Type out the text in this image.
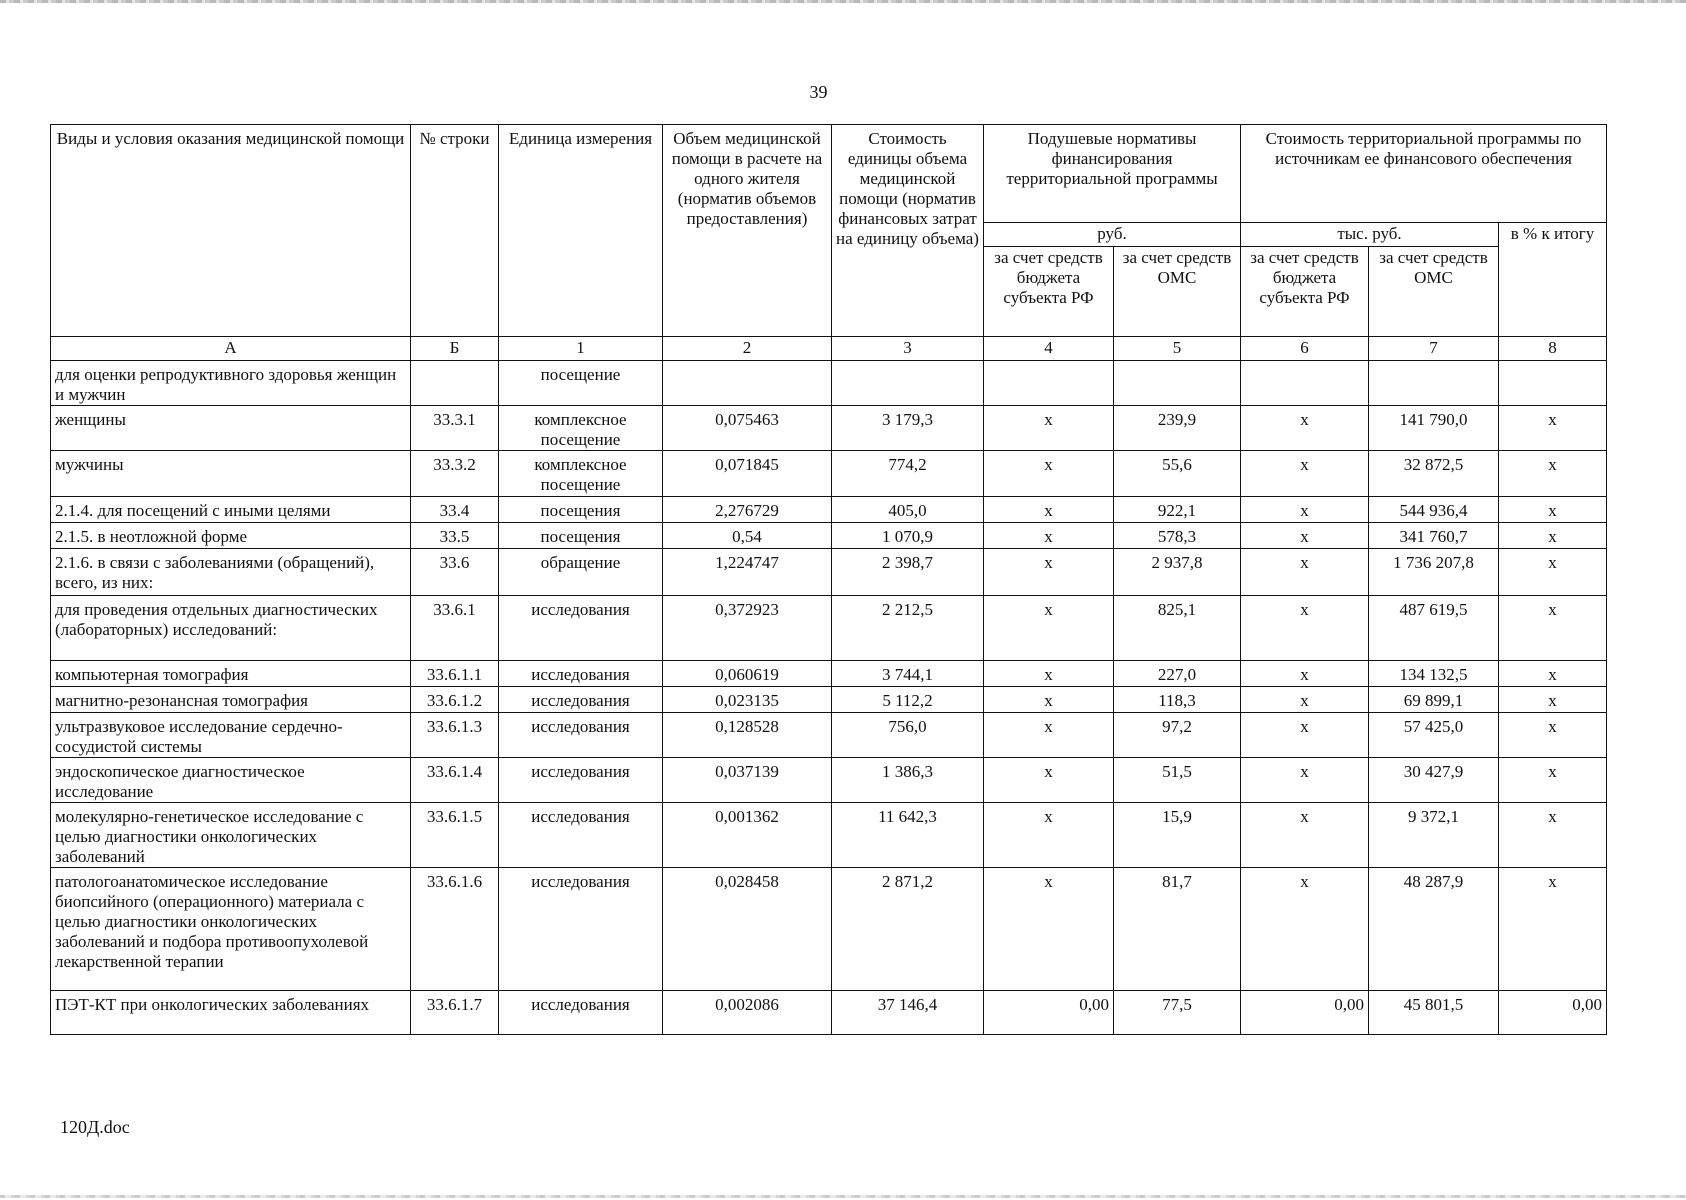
39
Виды и условия оказания медицинской помощи	№ строки	Единица измерения	Объем медицинской помощи в расчете на одного жителя (норматив объемов предоставления)	Стоимость единицы объема медицинской помощи (норматив финансовых затрат на единицу объема)	Подушевые нормативы финансирования территориальной программы		Стоимость территориальной программы по источникам ее финансового обеспечения		
					руб.		тыс. руб.		в % к итогу
					за счет средств бюджета субъекта РФ	за счет средств ОМС	за счет средств бюджета субъекта РФ	за счет средств ОМС	
А	Б	1	2	3	4	5	6	7	8
для оценки репродуктивного здоровья женщин и мужчин		посещение							
женщины	33.3.1	комплексное посещение	0,075463	3 179,3	х	239,9	х	141 790,0	х
мужчины	33.3.2	комплексное посещение	0,071845	774,2	х	55,6	х	32 872,5	х
2.1.4. для посещений с иными целями	33.4	посещения	2,276729	405,0	х	922,1	х	544 936,4	х
2.1.5. в неотложной форме	33.5	посещения	0,54	1 070,9	х	578,3	х	341 760,7	х
2.1.6. в связи с заболеваниями (обращений), всего, из них:	33.6	обращение	1,224747	2 398,7	х	2 937,8	х	1 736 207,8	х
для проведения отдельных диагностических (лабораторных) исследований:	33.6.1	исследования	0,372923	2 212,5	х	825,1	х	487 619,5	х
компьютерная томография	33.6.1.1	исследования	0,060619	3 744,1	х	227,0	х	134 132,5	х
магнитно-резонансная томография	33.6.1.2	исследования	0,023135	5 112,2	х	118,3	х	69 899,1	х
ультразвуковое исследование сердечно-сосудистой системы	33.6.1.3	исследования	0,128528	756,0	х	97,2	х	57 425,0	х
эндоскопическое диагностическое исследование	33.6.1.4	исследования	0,037139	1 386,3	х	51,5	х	30 427,9	х
молекулярно-генетическое исследование с целью диагностики онкологических заболеваний	33.6.1.5	исследования	0,001362	11 642,3	х	15,9	х	9 372,1	х
патологоанатомическое исследование биопсийного (операционного) материала с целью диагностики онкологических заболеваний и подбора противоопухолевой лекарственной терапии	33.6.1.6	исследования	0,028458	2 871,2	х	81,7	х	48 287,9	х
ПЭТ-КТ при онкологических заболеваниях	33.6.1.7	исследования	0,002086	37 146,4	0,00	77,5	0,00	45 801,5	0,00
120Д.doc
